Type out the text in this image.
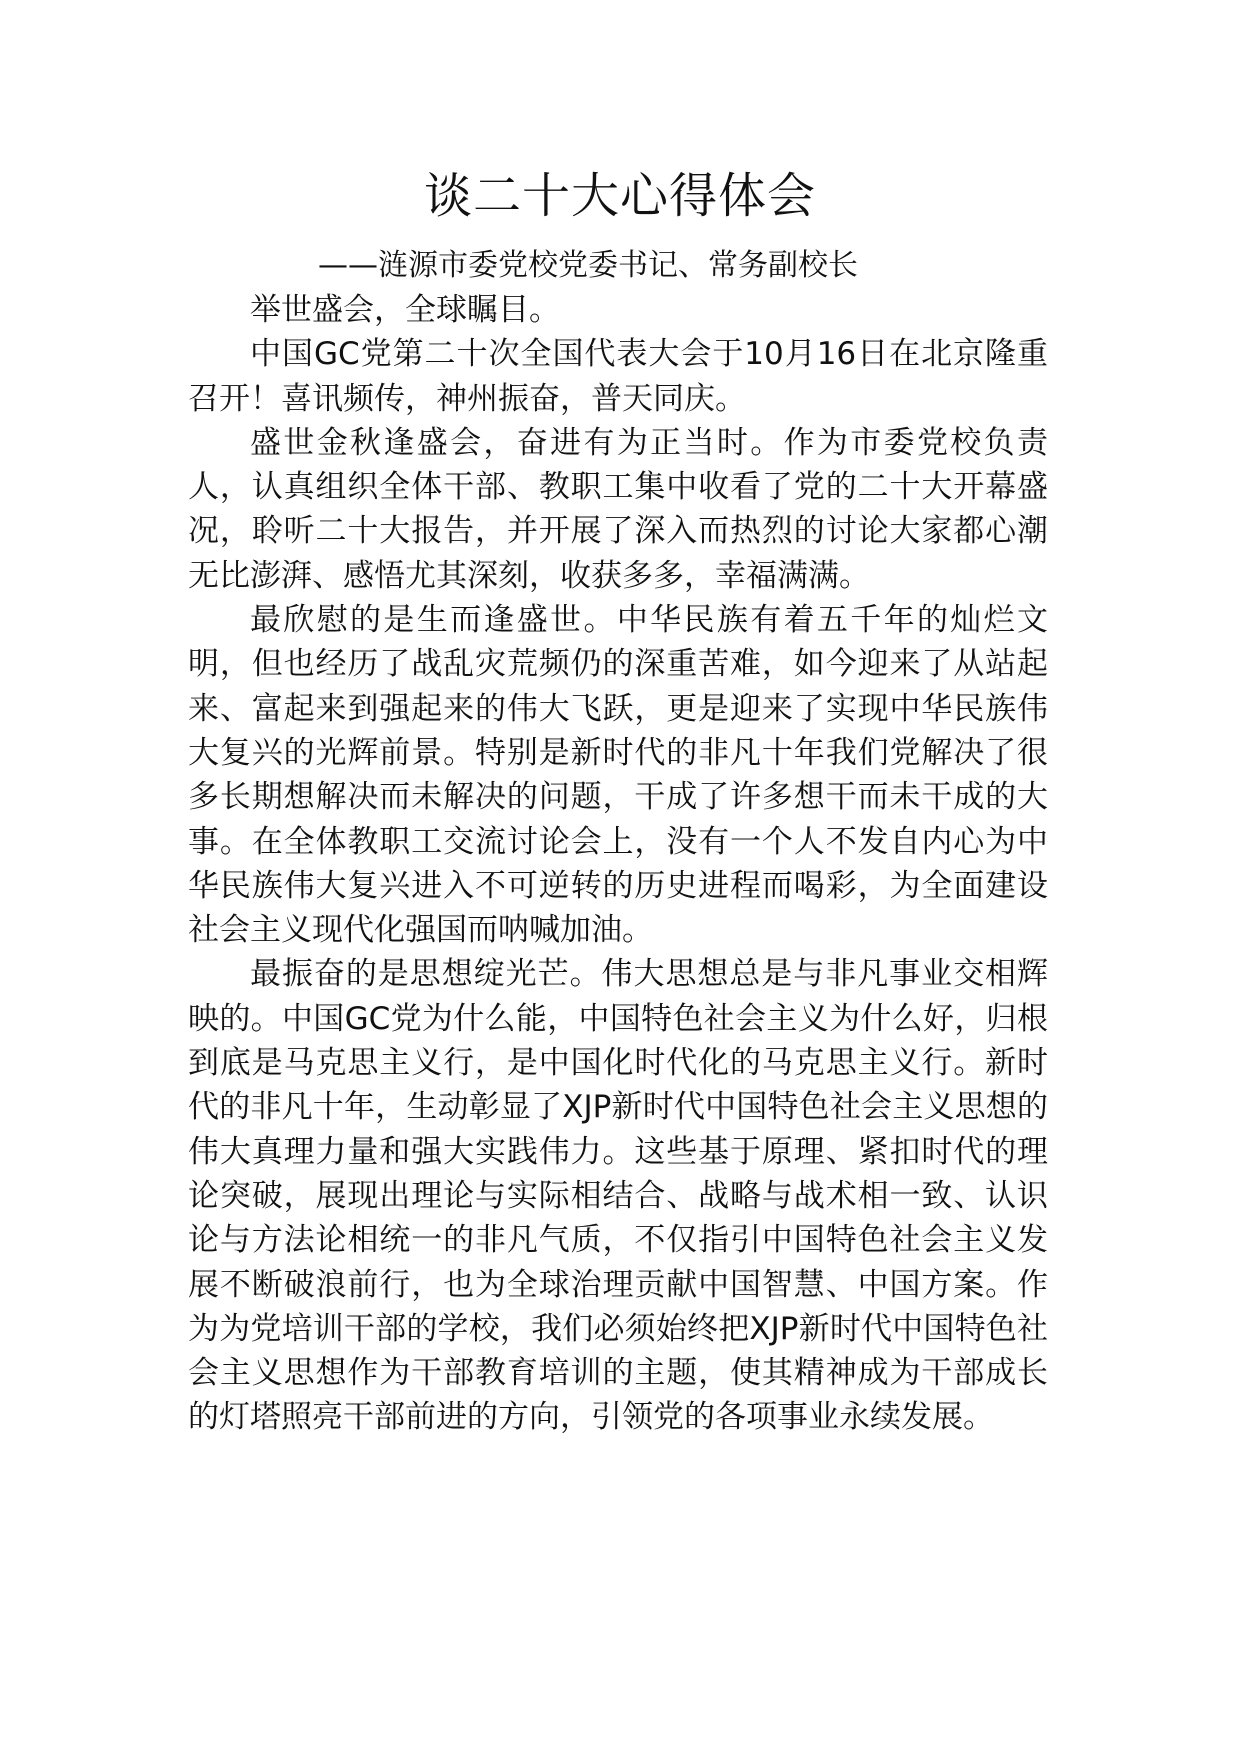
谈二十大心得体会

——涟源市委党校党委书记、常务副校长

举世盛会，全球瞩目。

中国GC党第二十次全国代表大会于10月16日在北京隆重召开！喜讯频传，神州振奋，普天同庆。

盛世金秋逢盛会，奋进有为正当时。作为市委党校负责人，认真组织全体干部、教职工集中收看了党的二十大开幕盛况，聆听二十大报告，并开展了深入而热烈的讨论大家都心潮无比澎湃、感悟尤其深刻，收获多多，幸福满满。

最欣慰的是生而逢盛世。中华民族有着五千年的灿烂文明，但也经历了战乱灾荒频仍的深重苦难，如今迎来了从站起来、富起来到强起来的伟大飞跃，更是迎来了实现中华民族伟大复兴的光辉前景。特别是新时代的非凡十年我们党解决了很多长期想解决而未解决的问题，干成了许多想干而未干成的大事。在全体教职工交流讨论会上，没有一个人不发自内心为中华民族伟大复兴进入不可逆转的历史进程而喝彩，为全面建设社会主义现代化强国而呐喊加油。

最振奋的是思想绽光芒。伟大思想总是与非凡事业交相辉映的。中国GC党为什么能，中国特色社会主义为什么好，归根到底是马克思主义行，是中国化时代化的马克思主义行。新时代的非凡十年，生动彰显了XJP新时代中国特色社会主义思想的伟大真理力量和强大实践伟力。这些基于原理、紧扣时代的理论突破，展现出理论与实际相结合、战略与战术相一致、认识论与方法论相统一的非凡气质，不仅指引中国特色社会主义发展不断破浪前行，也为全球治理贡献中国智慧、中国方案。作为为党培训干部的学校，我们必须始终把XJP新时代中国特色社会主义思想作为干部教育培训的主题，使其精神成为干部成长的灯塔照亮干部前进的方向，引领党的各项事业永续发展。
